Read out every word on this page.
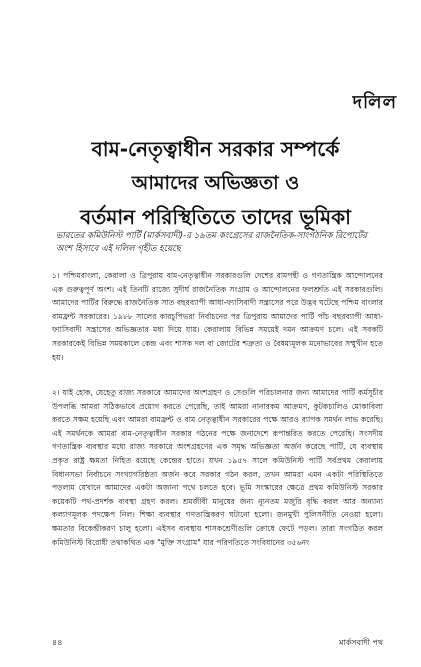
দলিল
বাম-নেতৃত্বাধীন সরকার সম্পর্কে
আমাদের অভিজ্ঞতা ও
বর্তমান পরিস্থিতিতে তাদের ভূমিকা
ভারতের কমিউনিস্ট পার্টি (মার্কসবাদী)-র ১৯তম কংগ্রেসের রাজনৈতিক-সাংগঠনিক রিপোর্টের অংশ হিসাবে এই দলিল গৃহীত হয়েছে
১। পশ্চিমবাংলা, কেরালা ও ত্রিপুরায় বাম-নেতৃত্বাধীন সরকারগুলি দেশের বামপন্থী ও গণতান্ত্রিক আন্দোলনের এক গুরুত্বপূর্ণ অংশ। এই তিনটি রাজ্যে সুদীর্ঘ রাজনৈতিক সংগ্রাম ও আন্দোলনের ফলশ্রুতি এই সরকারগুলি। আমাদের পার্টির বিরুদ্ধে রাজনৈতিক সাত বছরব্যাপী আধা-ফ্যাসিবাদী সন্ত্রাসের পরে উদ্ভব ঘটেছে পশ্চিম বাংলার বামফ্রন্ট সরকারের। ১৯৮৮ সালের কারচুপিভরা নির্বাচনের পর ত্রিপুরায় আমাদের পার্টি পাঁচ বছরব্যাপী আধা-ফ্যাসিবাদী সন্ত্রাসের অভিজ্ঞতার মধ্য দিয়ে যায়। কেরালায় বিভিন্ন সময়েই দমন আক্রমণ চলে। এই সবকটি সরকারকেই বিভিন্ন সময়কালে কেন্দ্র এবং শাসক দল বা জোটের শত্রুতা ও বৈষম্যমূলক মনোভাবের সম্মুখীন হতে হয়।
২। যাই হোক, যেহেতু রাজ্য সরকারে আমাদের অংশগ্রহণ ও সেগুলি পরিচালনার জন্য আমাদের পার্টি কর্মসূচীর উপলব্ধি আমরা সঠিকভাবে প্রয়োগ করতে পেরেছি, তাই আমরা নানারকম আক্রমণ, কুটকচালিও মোকাবিলা করতে সক্ষম হয়েছি এবং আমরা বামফ্রন্ট ও বাম নেতৃত্বাধীন সরকারের পক্ষে আরও ব্যাপক সমর্থন লাভ করেছি। এই সমর্থনকে আমরা বাম-নেতৃত্বাধীন সরকার গঠনের পক্ষে জনাদেশে রূপান্তরিত করতে পেরেছি। সংসদীয় গণতান্ত্রিক ব্যবস্থার মধ্যে রাজ্য সরকারে অংশগ্রহণের এক সমৃদ্ধ অভিজ্ঞতা অর্জন করেছে পার্টি, যে ব্যবস্থায় প্রকৃত রাষ্ট্র ক্ষমতা নিহিত রয়েছে কেন্দ্রের হাতে। যখন ১৯৫৭ সালে কমিউনিস্ট পার্টি সর্বপ্রথম কেরালায় বিধানসভা নির্বাচনে সংখ্যাগরিষ্ঠতা অর্জন করে সরকার গঠন করল, তখন আমরা এমন একটা পরিস্থিতিতে পড়লাম যেখানে আমাদের একটা অজানা পথে চলতে হবে। ভূমি সংস্কারের ক্ষেত্রে প্রথম কমিউনিস্ট সরকার কয়েকটি পথ-প্রদর্শক ব্যবস্থা গ্রহণ করল। শ্রমজীবী মানুষের জন্য ন্যূনতম মজুরি বৃদ্ধি করল আর অন্যান্য কল্যাণমূলক পদক্ষেপ নিল। শিক্ষা ব্যবস্থার গণতান্ত্রিকরণ ঘটানো হলো। জনমুখী পুলিসনীতি নেওয়া হলো। ক্ষমতার বিকেন্দ্রীকরণ চালু হলো। এইসব ব্যবস্থায় শাসকশ্রেণীগুলি ক্রোধে ফেটে পড়ল। তারা সংগঠিত করল কমিউনিস্ট বিরোধী তথাকথিত এক "মুক্তি সংগ্রাম" যার পরিণতিতে সংবিধানের ৩৫৬নং
৪৪	মার্কসবাদী পথ
